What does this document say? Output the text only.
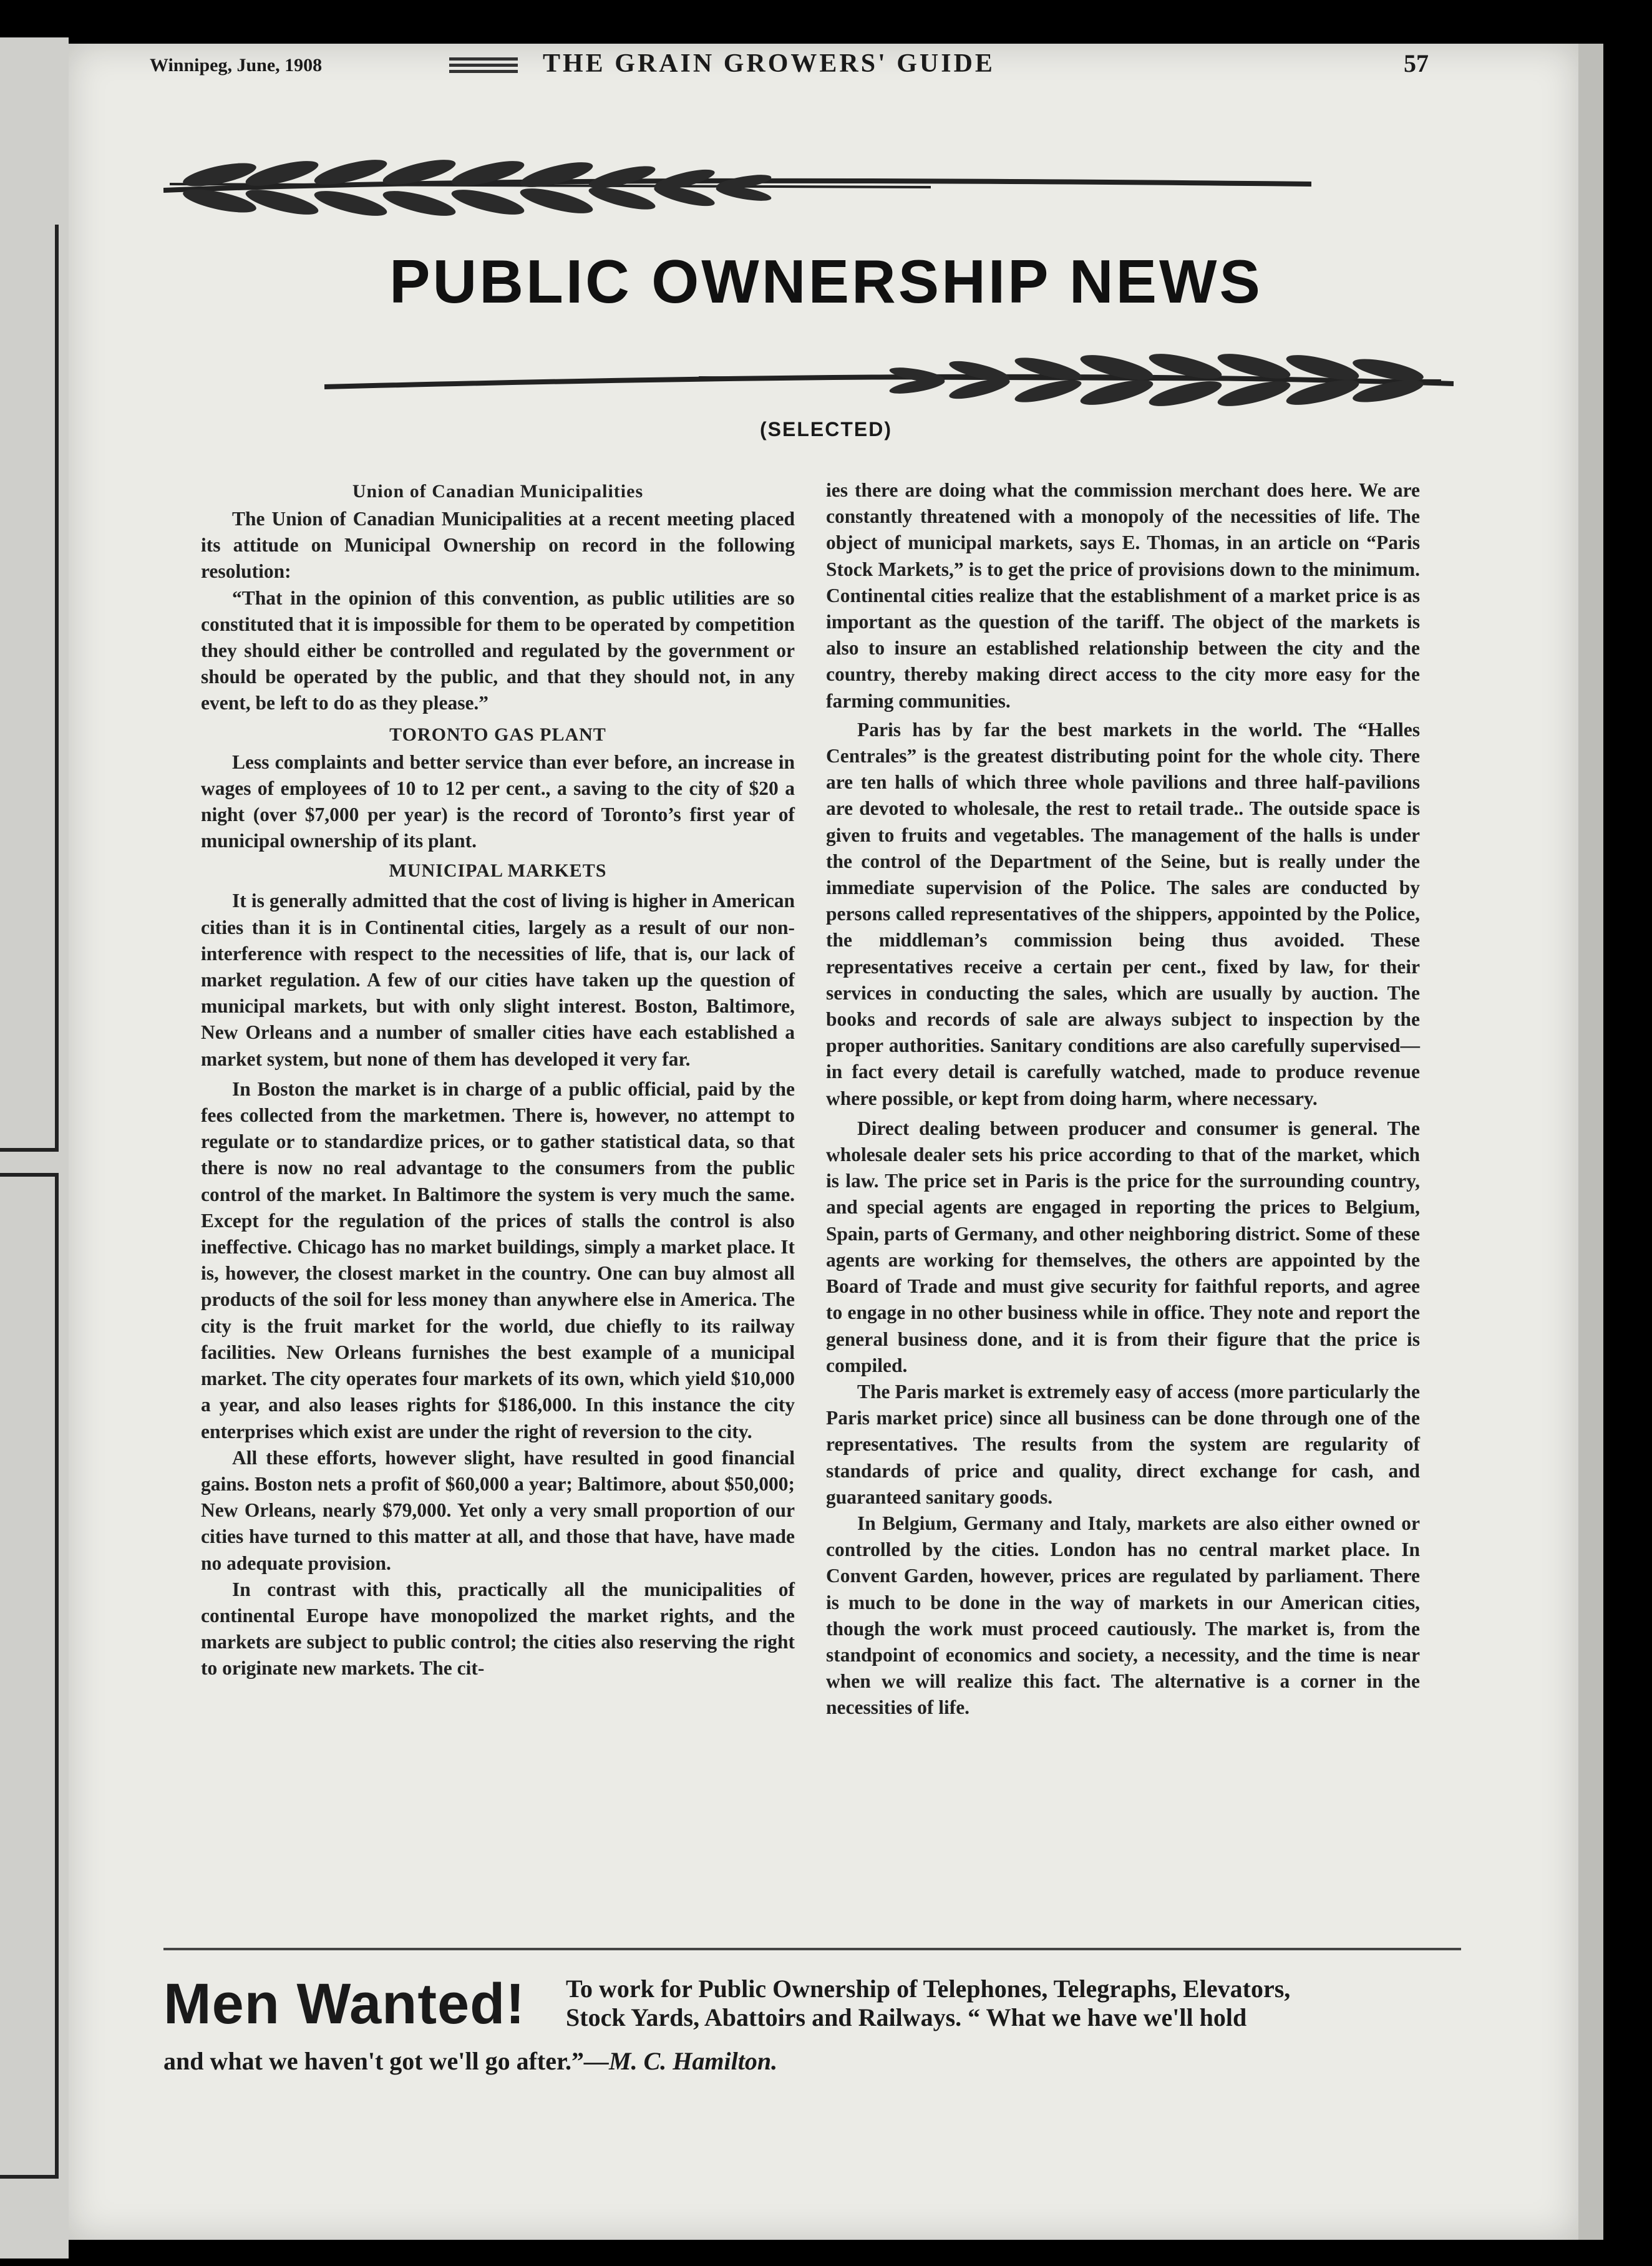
Winnipeg, June, 1908	THE GRAIN GROWERS' GUIDE	57
PUBLIC OWNERSHIP NEWS
(SELECTED)
Union of Canadian Municipalities

The Union of Canadian Municipalities at a recent meeting placed its attitude on Municipal Ownership on record in the following resolution:

“That in the opinion of this convention, as public utilities are so constituted that it is impossible for them to be operated by competition they should either be controlled and regulated by the government or should be operated by the public, and that they should not, in any event, be left to do as they please.”

TORONTO GAS PLANT

Less complaints and better service than ever before, an increase in wages of employees of 10 to 12 per cent., a saving to the city of $20 a night (over $7,000 per year) is the record of Toronto’s first year of municipal ownership of its plant.

MUNICIPAL MARKETS

It is generally admitted that the cost of living is higher in American cities than it is in Continental cities, largely as a result of our non-interference with respect to the necessities of life, that is, our lack of market regulation. A few of our cities have taken up the question of municipal markets, but with only slight interest. Boston, Baltimore, New Orleans and a number of smaller cities have each established a market system, but none of them has developed it very far.

In Boston the market is in charge of a public official, paid by the fees collected from the marketmen. There is, however, no attempt to regulate or to standardize prices, or to gather statistical data, so that there is now no real advantage to the consumers from the public control of the market. In Baltimore the system is very much the same. Except for the regulation of the prices of stalls the control is also ineffective. Chicago has no market buildings, simply a market place. It is, however, the closest market in the country. One can buy almost all products of the soil for less money than anywhere else in America. The city is the fruit market for the world, due chiefly to its railway facilities. New Orleans furnishes the best example of a municipal market. The city operates four markets of its own, which yield $10,000 a year, and also leases rights for $186,000. In this instance the city enterprises which exist are under the right of reversion to the city.

All these efforts, however slight, have resulted in good financial gains. Boston nets a profit of $60,000 a year; Baltimore, about $50,000; New Orleans, nearly $79,000. Yet only a very small proportion of our cities have turned to this matter at all, and those that have, have made no adequate provision.

In contrast with this, practically all the municipalities of continental Europe have monopolized the market rights, and the markets are subject to public control; the cities also reserving the right to originate new markets. The cit-

ies there are doing what the commission merchant does here. We are constantly threatened with a monopoly of the necessities of life. The object of municipal markets, says E. Thomas, in an article on “Paris Stock Markets,” is to get the price of provisions down to the minimum. Continental cities realize that the establishment of a market price is as important as the question of the tariff. The object of the markets is also to insure an established relationship between the city and the country, thereby making direct access to the city more easy for the farming communities.

Paris has by far the best markets in the world. The “Halles Centrales” is the greatest distributing point for the whole city. There are ten halls of which three whole pavilions and three half-pavilions are devoted to wholesale, the rest to retail trade.. The outside space is given to fruits and vegetables. The management of the halls is under the control of the Department of the Seine, but is really under the immediate supervision of the Police. The sales are conducted by persons called representatives of the shippers, appointed by the Police, the middleman’s commission being thus avoided. These representatives receive a certain per cent., fixed by law, for their services in conducting the sales, which are usually by auction. The books and records of sale are always subject to inspection by the proper authorities. Sanitary conditions are also carefully supervised—in fact every detail is carefully watched, made to produce revenue where possible, or kept from doing harm, where necessary.

Direct dealing between producer and consumer is general. The wholesale dealer sets his price according to that of the market, which is law. The price set in Paris is the price for the surrounding country, and special agents are engaged in reporting the prices to Belgium, Spain, parts of Germany, and other neighboring district. Some of these agents are working for themselves, the others are appointed by the Board of Trade and must give security for faithful reports, and agree to engage in no other business while in office. They note and report the general business done, and it is from their figure that the price is compiled.

The Paris market is extremely easy of access (more particularly the Paris market price) since all business can be done through one of the representatives. The results from the system are regularity of standards of price and quality, direct exchange for cash, and guaranteed sanitary goods.

In Belgium, Germany and Italy, markets are also either owned or controlled by the cities. London has no central market place. In Convent Garden, however, prices are regulated by parliament. There is much to be done in the way of markets in our American cities, though the work must proceed cautiously. The market is, from the standpoint of economics and society, a necessity, and the time is near when we will realize this fact. The alternative is a corner in the necessities of life.

Men Wanted! To work for Public Ownership of Telephones, Telegraphs, Elevators,
Stock Yards, Abattoirs and Railways. “ What we have we'll hold
and what we haven't got we'll go after.”—M. C. Hamilton.
